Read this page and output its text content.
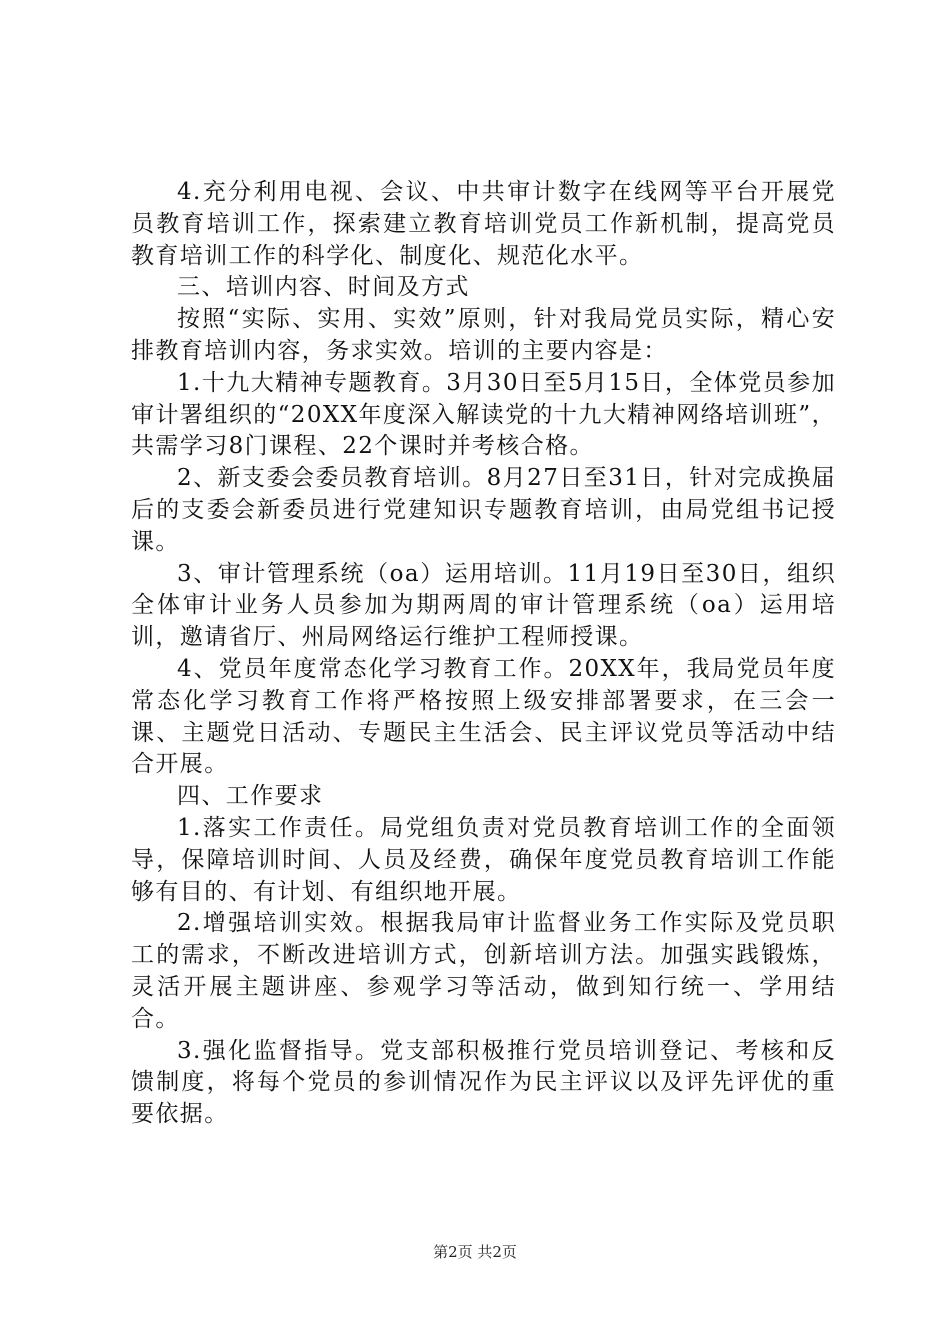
4.充分利用电视、会议、中共审计数字在线网等平台开展党员教育培训工作，探索建立教育培训党员工作新机制，提高党员教育培训工作的科学化、制度化、规范化水平。

三、培训内容、时间及方式

按照“实际、实用、实效”原则，针对我局党员实际，精心安排教育培训内容，务求实效。培训的主要内容是：

1.十九大精神专题教育。3月30日至5月15日，全体党员参加审计署组织的“20XX年度深入解读党的十九大精神网络培训班”，共需学习8门课程、22个课时并考核合格。

2、新支委会委员教育培训。8月27日至31日，针对完成换届后的支委会新委员进行党建知识专题教育培训，由局党组书记授课。

3、审计管理系统（oa）运用培训。11月19日至30日，组织全体审计业务人员参加为期两周的审计管理系统（oa）运用培训，邀请省厅、州局网络运行维护工程师授课。

4、党员年度常态化学习教育工作。20XX年，我局党员年度常态化学习教育工作将严格按照上级安排部署要求，在三会一课、主题党日活动、专题民主生活会、民主评议党员等活动中结合开展。

四、工作要求

1.落实工作责任。局党组负责对党员教育培训工作的全面领导，保障培训时间、人员及经费，确保年度党员教育培训工作能够有目的、有计划、有组织地开展。

2.增强培训实效。根据我局审计监督业务工作实际及党员职工的需求，不断改进培训方式，创新培训方法。加强实践锻炼，灵活开展主题讲座、参观学习等活动，做到知行统一、学用结合。

3.强化监督指导。党支部积极推行党员培训登记、考核和反馈制度，将每个党员的参训情况作为民主评议以及评先评优的重要依据。

第2页 共2页
